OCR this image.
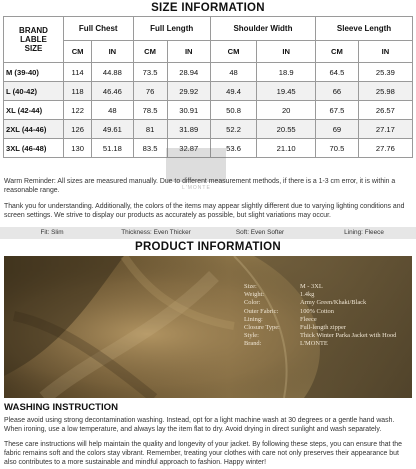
SIZE INFORMATION
BRAND
LABLE
SIZE	Full Chest		Full Length		Shoulder Width		Sleeve Length	
	CM	IN	CM	IN	CM	IN	CM	IN
M (39-40)	114	44.88	73.5	28.94	48	18.9	64.5	25.39
L (40-42)	118	46.46	76	29.92	49.4	19.45	66	25.98
XL (42-44)	122	48	78.5	30.91	50.8	20	67.5	26.57
2XL (44-46)	126	49.61	81	31.89	52.2	20.55	69	27.17
3XL (46-48)	130	51.18	83.5	32.87	53.6	21.10	70.5	27.76
L'MONTE
Warm Reminder: All sizes are measured manually. Due to different measurement methods, if there is a 1-3 cm error, it is within a reasonable range.
Thank you for understanding. Additionally, the colors of the items may appear slightly different due to varying lighting conditions and screen settings. We strive to display our products as accurately as possible, but slight variations may occur.
Fit: Slim	Thickness: Even Thicker	Soft: Even Softer	Lining: Fleece
PRODUCT INFORMATION
Size:	M - 3XL
Weight:	1.4kg
Color:	Army Green/Khaki/Black
Outer Fabric:	100% Cotton
Lining:	Fleece
Closure Type:	Full-length zipper
Style:	Thick Winter Parka Jacket with Hood
Brand:	L'MONTE
WASHING INSTRUCTION
Please avoid using strong decontamination washing. Instead, opt for a light machine wash at 30 degrees or a gentle hand wash. When ironing, use a low temperature, and always lay the item flat to dry. Avoid drying in direct sunlight and wash separately.
These care instructions will help maintain the quality and longevity of your jacket. By following these steps, you can ensure that the fabric remains soft and the colors stay vibrant. Remember, treating your clothes with care not only preserves their appearance but also contributes to a more sustainable and mindful approach to fashion. Happy winter!
